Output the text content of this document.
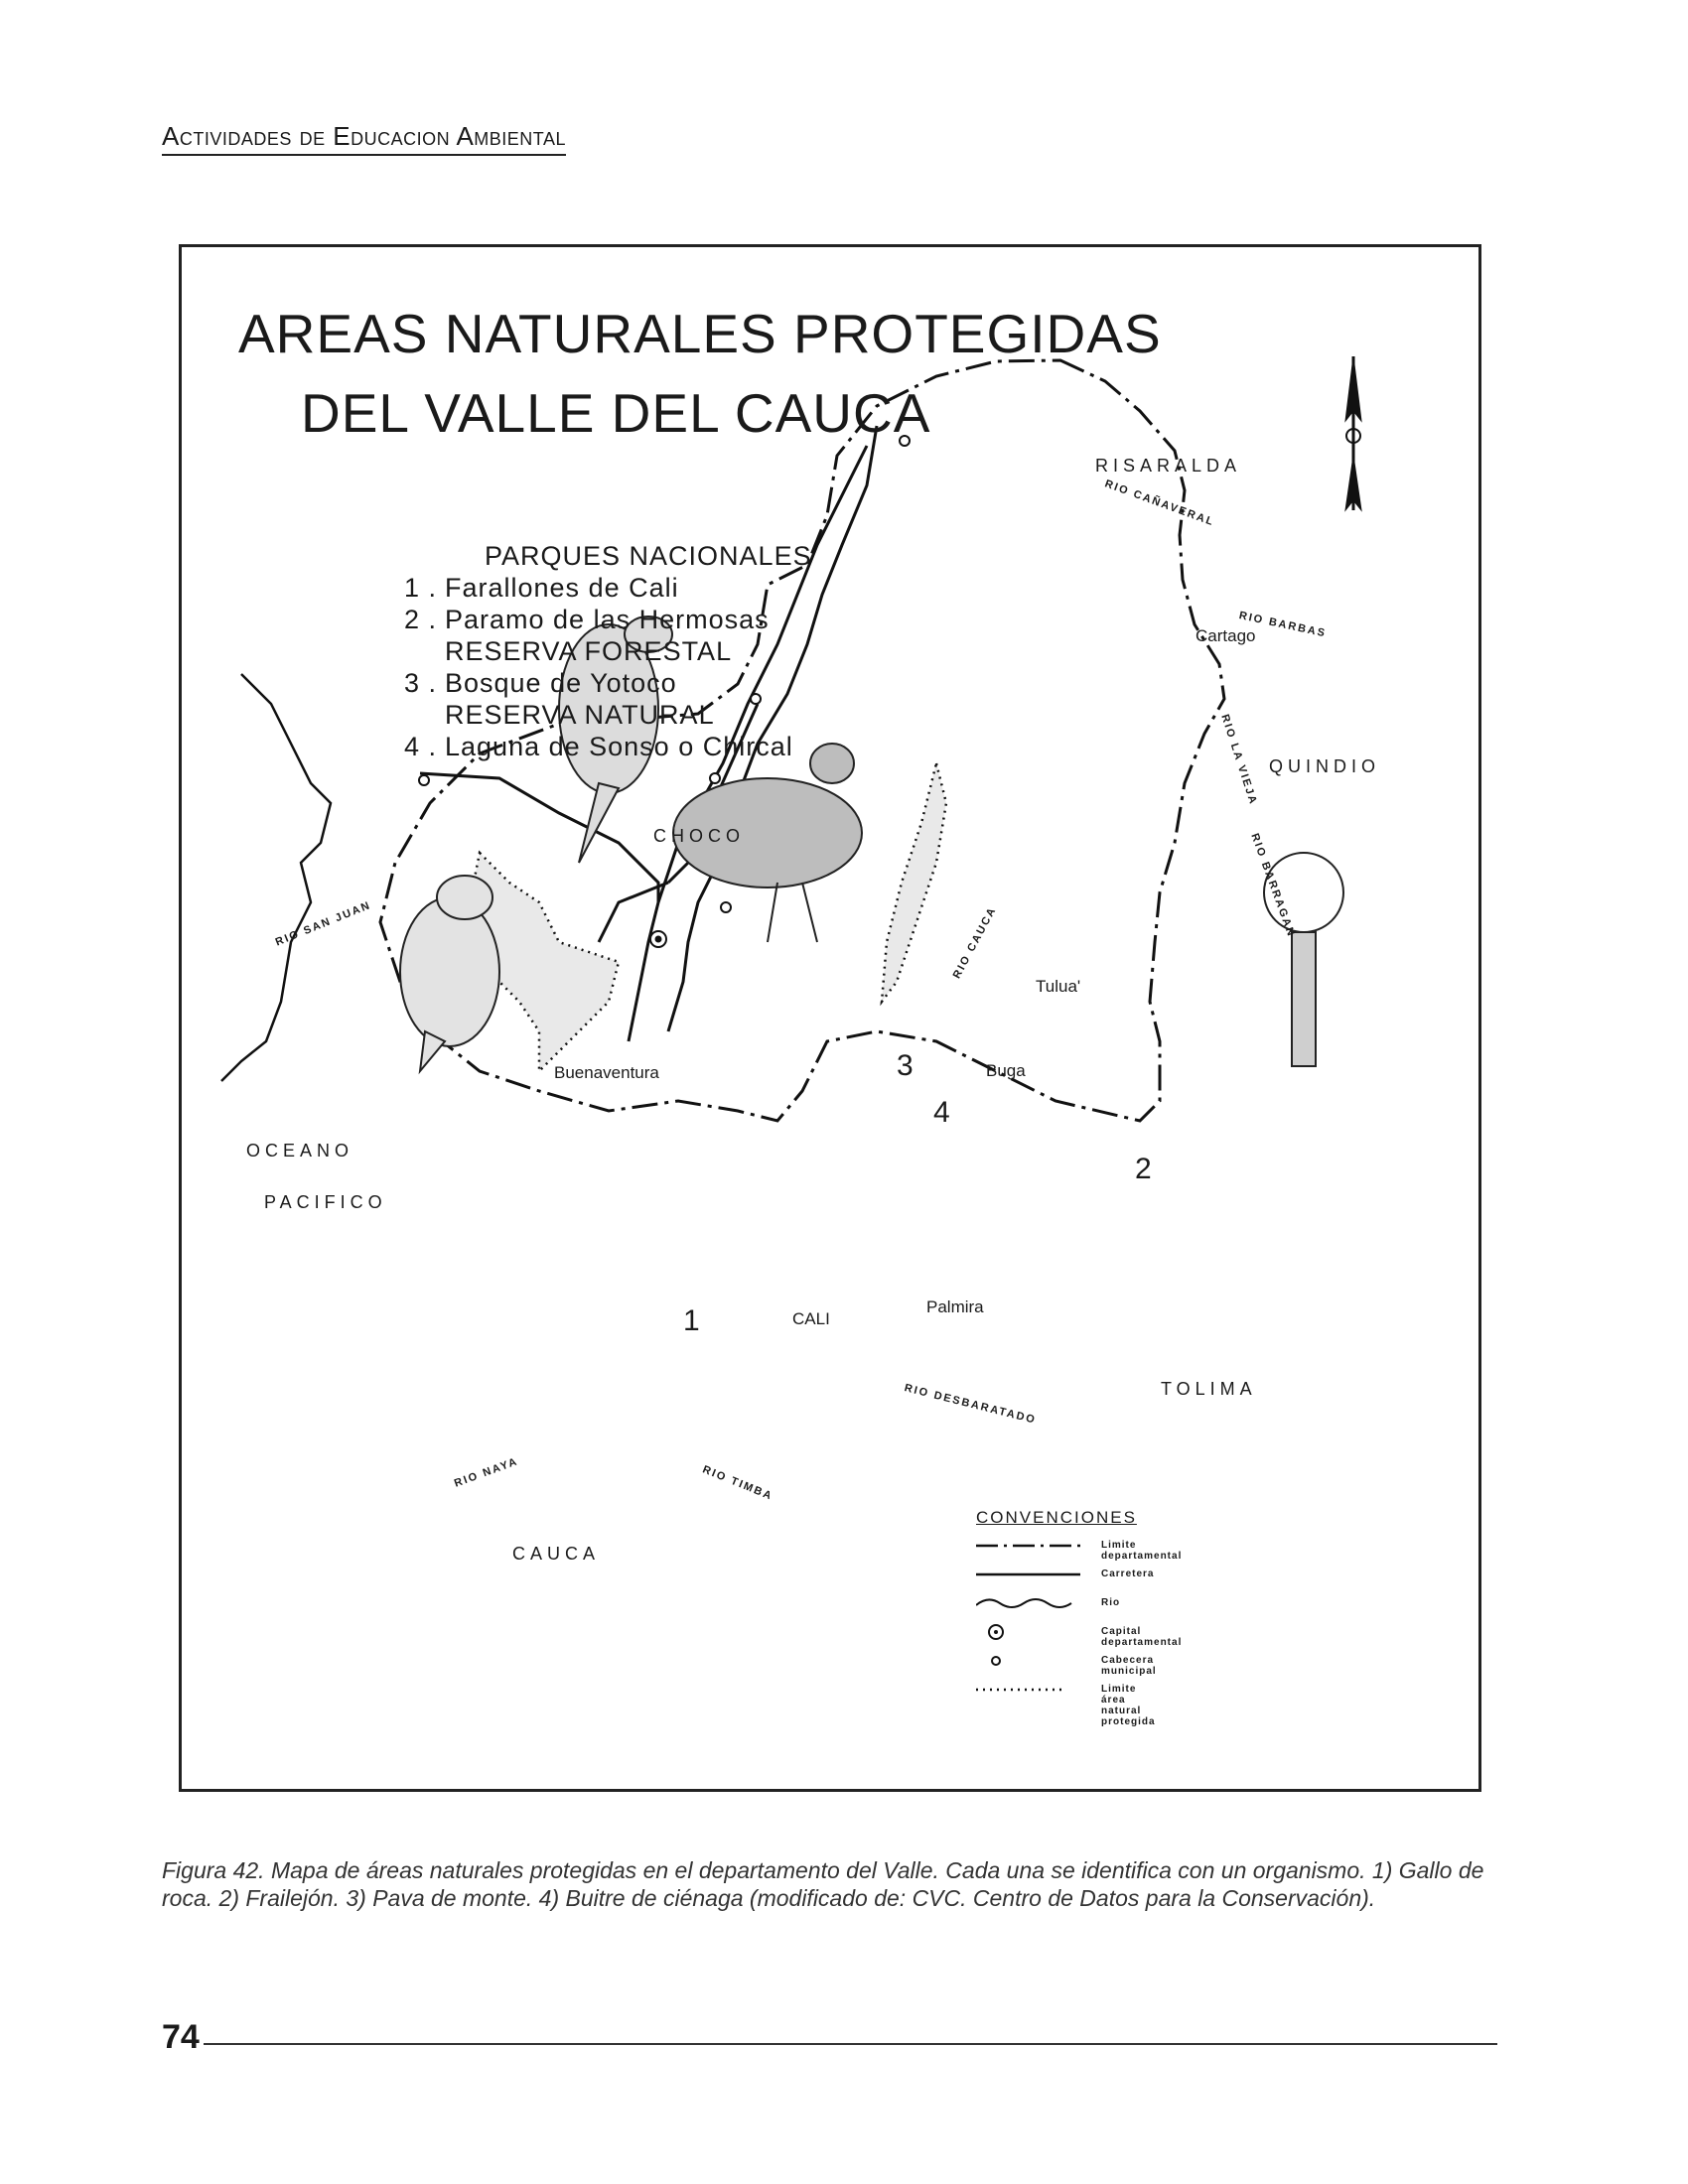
Actividades de Educacion Ambiental
AREAS NATURALES PROTEGIDAS
DEL VALLE DEL CAUCA
PARQUES NACIONALES
1 . Farallones de Cali
2 . Paramo de las Hermosas
RESERVA FORESTAL
3 . Bosque de Yotoco
RESERVA NATURAL
4 . Laguna de Sonso o Chircal
RISARALDA
QUINDIO
CHOCO
OCEANO
PACIFICO
TOLIMA
CAUCA
Cartago
Tulua'
Buga
Buenaventura
CALI
Palmira
RIO CAÑAVERAL
RIO BARBAS
RIO LA VIEJA
RIO BARRAGAN
RIO SAN JUAN	RIO CAUCA
RIO DESBARATADO
RIO NAYA	RIO TIMBA
1
2
3
4
CONVENCIONES
Limite departamental
Carretera
Rio
Capital departamental
Cabecera municipal
Limite área natural protegida
Figura 42. Mapa de áreas naturales protegidas en el departamento del Valle. Cada una se identifica con un organismo. 1) Gallo de roca. 2) Frailejón. 3) Pava de monte. 4) Buitre de ciénaga (modificado de: CVC. Centro de Datos para la Conservación).
74
